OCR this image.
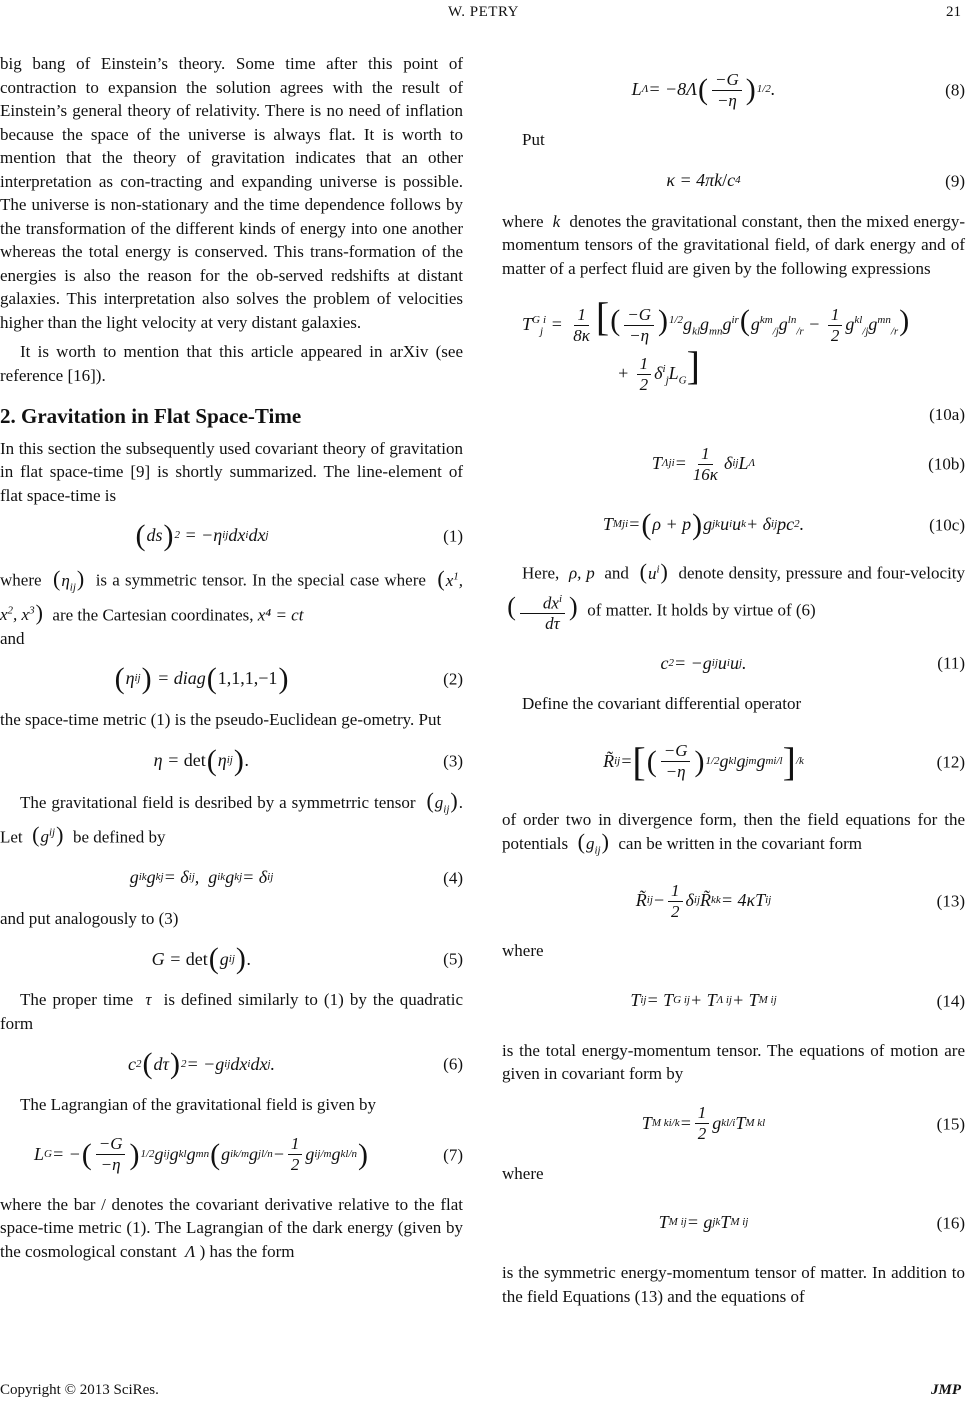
W. PETRY	21

big bang of Einstein’s theory. Some time after this point of contraction to expansion the solution agrees with the result of Einstein’s general theory of relativity. There is no need of inflation because the space of the universe is always flat. It is worth to mention that the theory of gravitation indicates that an other interpretation as con-tracting and expanding universe is possible. The universe is non-stationary and the time dependence follows by the transformation of the different kinds of energy into one another whereas the total energy is conserved. This trans-formation of the energies is also the reason for the ob-served redshifts at distant galaxies. This interpretation also solves the problem of velocities higher than the light velocity at very distant galaxies.

It is worth to mention that this article appeared in arXiv (see reference [16]).

2. Gravitation in Flat Space-Time

In this section the subsequently used covariant theory of gravitation in flat space-time [9] is shortly summarized. The line-element of flat space-time is

( ds ) 2 = −η ij dx i dx j	(1)

where $(\eta_{ij})$ is a symmetric tensor. In the special case where ($x^1$, $x^2$, $x^3$) are the Cartesian coordinates, x⁴ = ct
and

( η ij ) = diag ( 1,1,1,−1 )	(2)

the space-time metric (1) is the pseudo-Euclidean ge-ometry. Put

η = det ( η ij ) .	(3)

The gravitational field is desribed by a symmetrric tensor $(g_{ij})$. Let $(g^{ij})$ be defined by

g ik g kj = δ i j ,  g ik g kj = δ i j	(4)

and put analogously to (3)

G = det ( g ij ) .	(5)

The proper time  τ  is defined similarly to (1) by the quadratic form

c 2 ( dτ ) 2 = −g ij dx i dx j .	(6)

The Lagrangian of the gravitational field is given by

L G = − ( $\frac{-G}{-\eta}$ ) 1/2 g ij g kl g mn ( g ik /m g jl $/n - \frac{1}{2}$ g ij /m g kl /n )	(7)

where the bar / denotes the covariant derivative relative to the flat space-time metric (1). The Lagrangian of the dark energy (given by the cosmological constant  Λ ) has the form

L Λ = −8Λ ( $\frac{-G}{-\eta}$ ) 1/2 .	(8)

Put

κ = 4πk / c 4	(9)

where k denotes the gravitational constant, then the mixed energy-momentum tensors of the gravitational field, of dark energy and of matter of a perfect fluid are given by the following expressions

$T^G_j^i = \frac{1}{8\kappa}$ [( $\frac{-G}{-\eta} )^{1/2}g_{kl}g_{mn}g^{ir}(g^{km}_{/j}g^{ln}_{/r} - \frac{1}{2} g^{kl}_{/j}g^{mn}_{/r})$
+ $\frac{1}{2} \delta^i_jL_G$]
(10a)
T Λ j $i = \frac{1}{16\kappa}$ δ i j L Λ	(10b)
T M j i = ( ρ + p ) g jk u i u k + δ i j pc 2 .	(10c)

Here,  ρ, p  and $(u^i)$ denote density, pressure and four-velocity  ( $\frac{dx^i}{d\tau}$ ) of matter. It holds by virtue of (6)

c 2 = −g ij u i u j .	(11)

Define the covariant differential operator

R̃ i j = [ ( $\frac{-G}{-\eta}$ ) 1/2 g kl g jm g mi /l ] /k	(12)

of order two in divergence form, then the field equations for the potentials $(g_{ij})$ can be written in the covariant form

R̃ i $j - \frac{1}{2}$ δ i j R̃ k k = 4κT i j	(13)

where

T i j = T G i j + T Λ i j + T M i j	(14)

is the total energy-momentum tensor. The equations of motion are given in covariant form by

T M k $i/k = \frac{1}{2}$ g kl/i T M kl	(15)

where

T M ij = g jk T M i j	(16)

is the symmetric energy-momentum tensor of matter. In addition to the field Equations (13) and the equations of

Copyright © 2013 SciRes.	JMP
